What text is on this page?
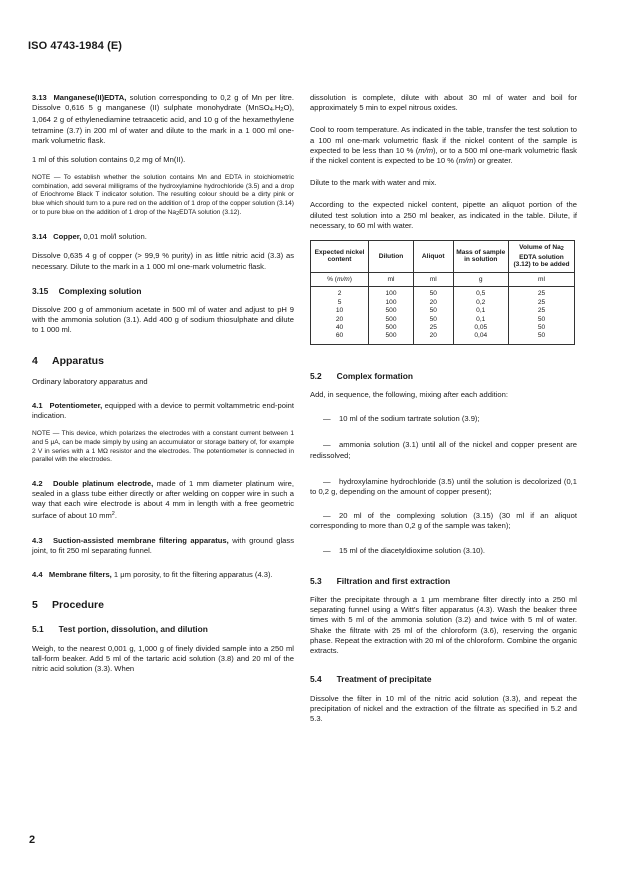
ISO 4743-1984 (E)

3.13 Manganese(II)EDTA, solution corresponding to 0,2 g of Mn per litre. Dissolve 0,616 5 g manganese (II) sulphate monohydrate (MnSO4.H2O), 1,064 2 g of ethylenediamine tetraacetic acid, and 10 g of the hexamethylene tetramine (3.7) in 200 ml of water and dilute to the mark in a 1 000 ml one-mark volumetric flask.

1 ml of this solution contains 0,2 mg of Mn(II).

NOTE — To establish whether the solution contains Mn and EDTA in stoichiometric combination, add several milligrams of the hydroxylamine hydrochloride (3.5) and a drop of Eriochrome Black T indicator solution. The resulting colour should be a dirty pink or blue which should turn to a pure red on the addition of 1 drop of the copper solution (3.14) or to pure blue on the addition of 1 drop of the Na2EDTA solution (3.12).

3.14 Copper, 0,01 mol/l solution.

Dissolve 0,635 4 g of copper (> 99,9 % purity) in as little nitric acid (3.3) as necessary. Dilute to the mark in a 1 000 ml one-mark volumetric flask.

3.15 Complexing solution

Dissolve 200 g of ammonium acetate in 500 ml of water and adjust to pH 9 with the ammonia solution (3.1). Add 400 g of sodium thiosulphate and dilute to 1 000 ml.

4 Apparatus

Ordinary laboratory apparatus and

4.1 Potentiometer, equipped with a device to permit voltammetric end-point indication.

NOTE — This device, which polarizes the electrodes with a constant current between 1 and 5 μA, can be made simply by using an accumulator or storage battery of, for example 2 V in series with a 1 MΩ resistor and the electrodes. The potentiometer is connected in parallel with the electrodes.

4.2 Double platinum electrode, made of 1 mm diameter platinum wire, sealed in a glass tube either directly or after welding on copper wire in such a way that each wire electrode is about 4 mm in length with a free geometric surface of about 10 $mm^2$.

4.3 Suction-assisted membrane filtering apparatus, with ground glass joint, to fit 250 ml separating funnel.

4.4 Membrane filters, 1 μm porosity, to fit the filtering apparatus (4.3).

5 Procedure
5.1 Test portion, dissolution, and dilution

Weigh, to the nearest 0,001 g, 1,000 g of finely divided sample into a 250 ml tall-form beaker. Add 5 ml of the tartaric acid solution (3.8) and 20 ml of the nitric acid solution (3.3). When

dissolution is complete, dilute with about 30 ml of water and boil for approximately 5 min to expel nitrous oxides.

Cool to room temperature. As indicated in the table, transfer the test solution to a 100 ml one-mark volumetric flask if the nickel content of the sample is expected to be less than 10 % (m/m), or to a 500 ml one-mark volumetric flask if the nickel content is expected to be 10 % (m/m) or greater.

Dilute to the mark with water and mix.

According to the expected nickel content, pipette an aliquot portion of the diluted test solution into a 250 ml beaker, as indicated in the table. Dilute, if necessary, to 60 ml with water.

Expected nickel content	Dilution	Aliquot	Mass of sample in solution	Volume of Na2 EDTA solution (3.12) to be added
% (m/m)	ml	ml	g	ml
2	100	50	0,5	25
5	100	20	0,2	25
10	500	50	0,1	25
20	500	50	0,1	50
40	500	25	0,05	50
60	500	20	0,04	50
5.2 Complex formation

Add, in sequence, the following, mixing after each addition:

— 10 ml of the sodium tartrate solution (3.9);

— ammonia solution (3.1) until all of the nickel and copper present are redissolved;

— hydroxylamine hydrochloride (3.5) until the solution is decolorized (0,1 to 0,2 g, depending on the amount of copper present);

— 20 ml of the complexing solution (3.15) (30 ml if an aliquot corresponding to more than 0,2 g of the sample was taken);

— 15 ml of the diacetyldioxime solution (3.10).

5.3 Filtration and first extraction

Filter the precipitate through a 1 μm membrane filter directly into a 250 ml separating funnel using a Witt's filter apparatus (4.3). Wash the beaker three times with 5 ml of the ammonia solution (3.2) and twice with 5 ml of water. Shake the filtrate with 25 ml of the chloroform (3.6), reserving the organic phase. Repeat the extraction with 20 ml of the chloroform. Combine the organic extracts.

5.4 Treatment of precipitate

Dissolve the filter in 10 ml of the nitric acid solution (3.3), and repeat the precipitation of nickel and the extraction of the filtrate as specified in 5.2 and 5.3.

2
